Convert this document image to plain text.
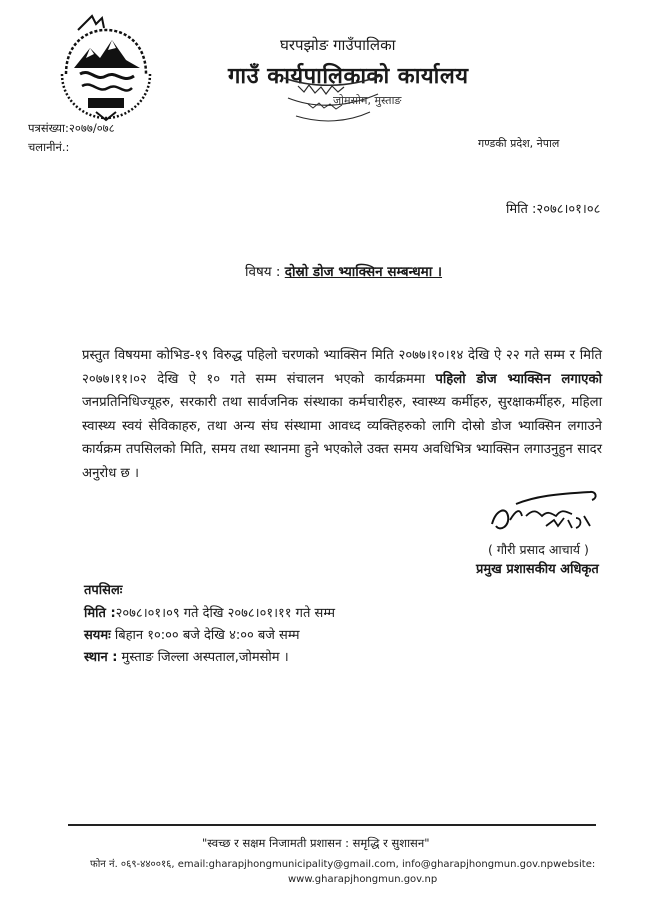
घरपझोङ गाउँपालिका
गाउँ कार्यपालिकाको कार्यालय
जोमसोम, मुस्ताङ
पत्रसंख्या:२०७७/०७८
चलानीनं.:	गण्डकी प्रदेश, नेपाल
मिति :२०७८।०१।०८
विषय : दोस्रो डोज भ्याक्सिन सम्बन्धमा ।
प्रस्तुत विषयमा कोभिड-१९ विरुद्ध पहिलो चरणको भ्याक्सिन मिति २०७७।१०।१४ देखि ऐ २२ गते सम्म र मिति २०७७।११।०२ देखि ऐ १० गते सम्म संचालन भएको कार्यक्रममा पहिलो डोज भ्याक्सिन लगाएको जनप्रतिनिधिज्यूहरु, सरकारी तथा सार्वजनिक संस्थाका कर्मचारीहरु, स्वास्थ्य कर्मीहरु, सुरक्षाकर्मीहरु, महिला स्वास्थ्य स्वयं सेविकाहरु, तथा अन्य संघ संस्थामा आवध्द व्यक्तिहरुको लागि दोस्रो डोज भ्याक्सिन लगाउने कार्यक्रम तपसिलको मिति, समय तथा स्थानमा हुने भएकोले उक्त समय अवधिभित्र भ्याक्सिन लगाउनुहुन सादर अनुरोध छ ।
( गौरी प्रसाद आचार्य )
प्रमुख प्रशासकीय अधिकृत
तपसिलः
मिति :२०७८।०१।०९ गते देखि २०७८।०१।११ गते सम्म
सयमः बिहान १०:०० बजे देखि ४:०० बजे सम्म
स्थान : मुस्ताङ जिल्ला अस्पताल,जोमसोम ।
"स्वच्छ र सक्षम निजामती प्रशासन : समृद्धि र सुशासन"
फोन नं. ०६९-४४००१६, email:gharapjhongmunicipality@gmail.com, info@gharapjhongmun.gov.npwebsite:
www.gharapjhongmun.gov.np
